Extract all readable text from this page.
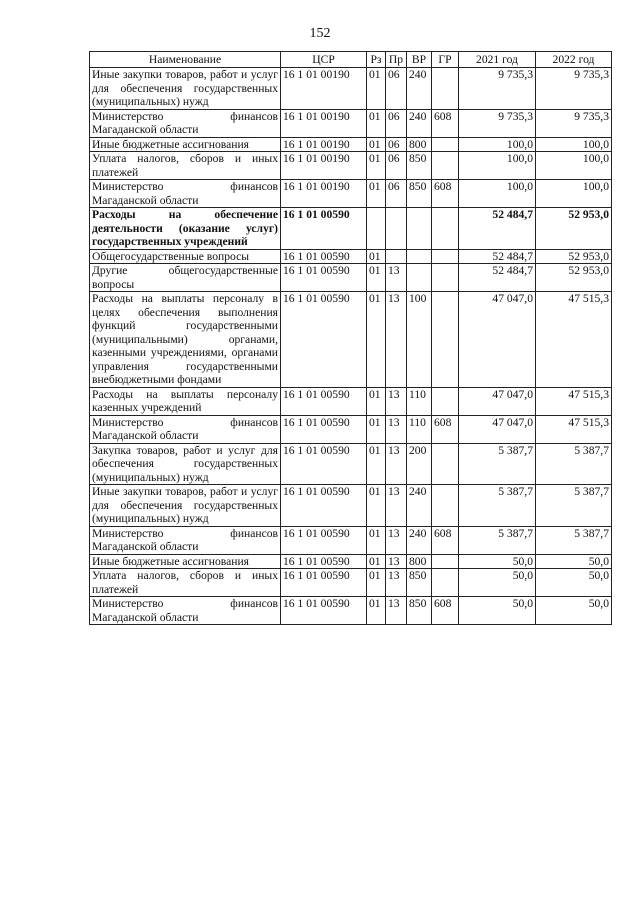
152
Наименование	ЦСР	Рз	Пр	ВР	ГР	2021 год	2022 год
Иные закупки товаров, работ и услуг для обеспечения государственных (муниципальных) нужд	16 1 01 00190	01	06	240		9 735,3	9 735,3
Министерство финансов Магаданской области	16 1 01 00190	01	06	240	608	9 735,3	9 735,3
Иные бюджетные ассигнования	16 1 01 00190	01	06	800		100,0	100,0
Уплата налогов, сборов и иных платежей	16 1 01 00190	01	06	850		100,0	100,0
Министерство финансов Магаданской области	16 1 01 00190	01	06	850	608	100,0	100,0
Расходы на обеспечение деятельности (оказание услуг) государственных учреждений	16 1 01 00590					52 484,7	52 953,0
Общегосударственные вопросы	16 1 01 00590	01				52 484,7	52 953,0
Другие общегосударственные вопросы	16 1 01 00590	01	13			52 484,7	52 953,0
Расходы на выплаты персоналу в целях обеспечения выполнения функций государственными (муниципальными) органами, казенными учреждениями, органами управления государственными внебюджетными фондами	16 1 01 00590	01	13	100		47 047,0	47 515,3
Расходы на выплаты персоналу казенных учреждений	16 1 01 00590	01	13	110		47 047,0	47 515,3
Министерство финансов Магаданской области	16 1 01 00590	01	13	110	608	47 047,0	47 515,3
Закупка товаров, работ и услуг для обеспечения государственных (муниципальных) нужд	16 1 01 00590	01	13	200		5 387,7	5 387,7
Иные закупки товаров, работ и услуг для обеспечения государственных (муниципальных) нужд	16 1 01 00590	01	13	240		5 387,7	5 387,7
Министерство финансов Магаданской области	16 1 01 00590	01	13	240	608	5 387,7	5 387,7
Иные бюджетные ассигнования	16 1 01 00590	01	13	800		50,0	50,0
Уплата налогов, сборов и иных платежей	16 1 01 00590	01	13	850		50,0	50,0
Министерство финансов Магаданской области	16 1 01 00590	01	13	850	608	50,0	50,0
